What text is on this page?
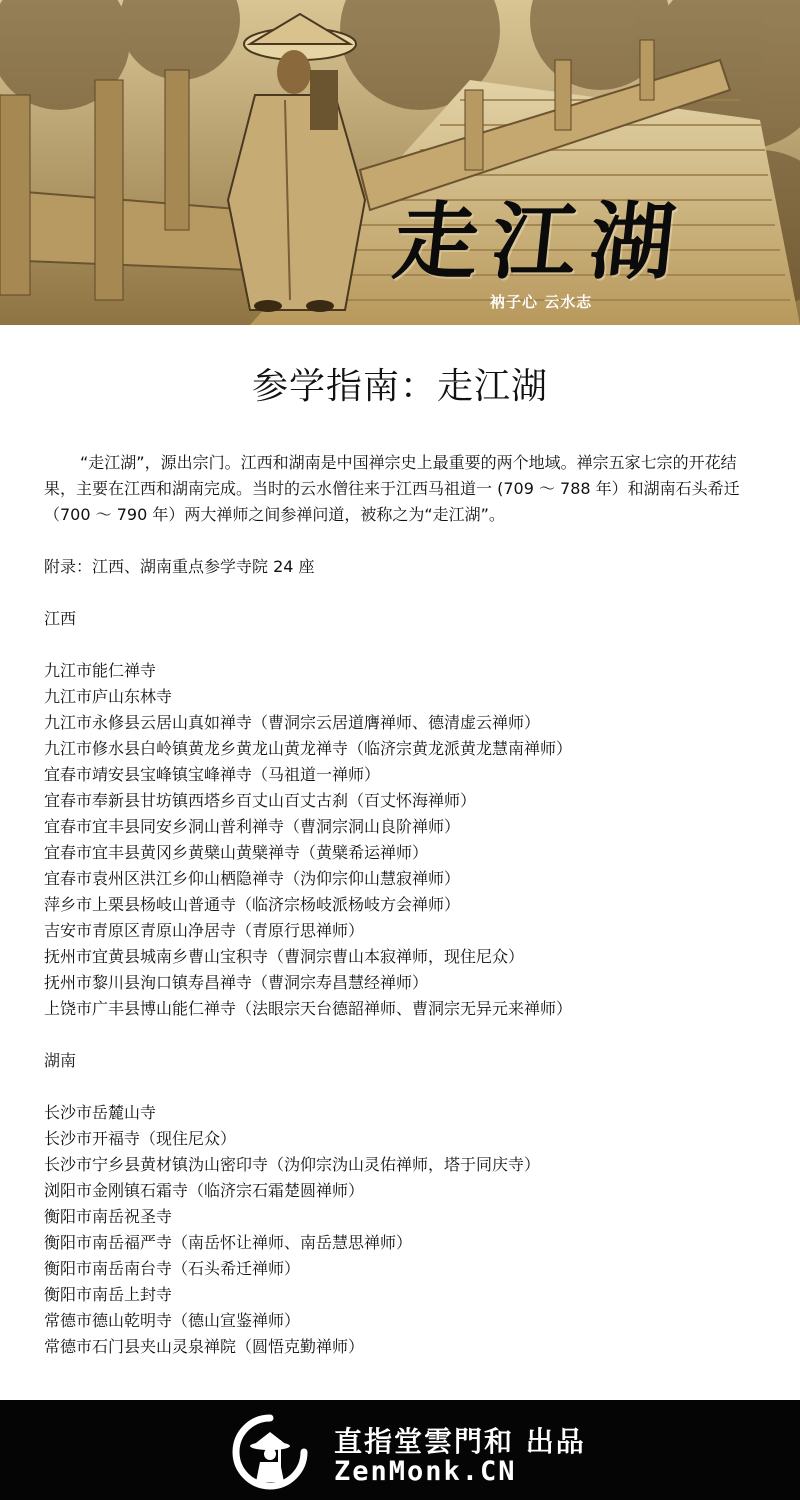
走江湖
衲子心 云水志
参学指南：走江湖

“走江湖”，源出宗门。江西和湖南是中国禅宗史上最重要的两个地域。禅宗五家七宗的开花结果，主要在江西和湖南完成。当时的云水僧往来于江西马祖道一 (709 ～ 788 年）和湖南石头希迁（700 ～ 790 年）两大禅师之间参禅问道，被称之为“走江湖”。

附录：江西、湖南重点参学寺院 24 座

江西

九江市能仁禅寺
九江市庐山东林寺
九江市永修县云居山真如禅寺（曹洞宗云居道膺禅师、德清虚云禅师）
九江市修水县白岭镇黄龙乡黄龙山黄龙禅寺（临济宗黄龙派黄龙慧南禅师）
宜春市靖安县宝峰镇宝峰禅寺（马祖道一禅师）
宜春市奉新县甘坊镇西塔乡百丈山百丈古刹（百丈怀海禅师）
宜春市宜丰县同安乡洞山普利禅寺（曹洞宗洞山良阶禅师）
宜春市宜丰县黄冈乡黄檗山黄檗禅寺（黄檗希运禅师）
宜春市袁州区洪江乡仰山栖隐禅寺（沩仰宗仰山慧寂禅师）
萍乡市上栗县杨岐山普通寺（临济宗杨岐派杨岐方会禅师）
吉安市青原区青原山净居寺（青原行思禅师）
抚州市宜黄县城南乡曹山宝积寺（曹洞宗曹山本寂禅师，现住尼众）
抚州市黎川县洵口镇寿昌禅寺（曹洞宗寿昌慧经禅师）
上饶市广丰县博山能仁禅寺（法眼宗天台德韶禅师、曹洞宗无异元来禅师）

湖南

长沙市岳麓山寺
长沙市开福寺（现住尼众）
长沙市宁乡县黄材镇沩山密印寺（沩仰宗沩山灵佑禅师，塔于同庆寺）
浏阳市金刚镇石霜寺（临济宗石霜楚圆禅师）
衡阳市南岳祝圣寺
衡阳市南岳福严寺（南岳怀让禅师、南岳慧思禅师）
衡阳市南岳南台寺（石头希迁禅师）
衡阳市南岳上封寺
常德市德山乾明寺（德山宣鉴禅师）
常德市石门县夹山灵泉禅院（圆悟克勤禅师）
直指堂雲門和 出品
ZenMonk.CN
